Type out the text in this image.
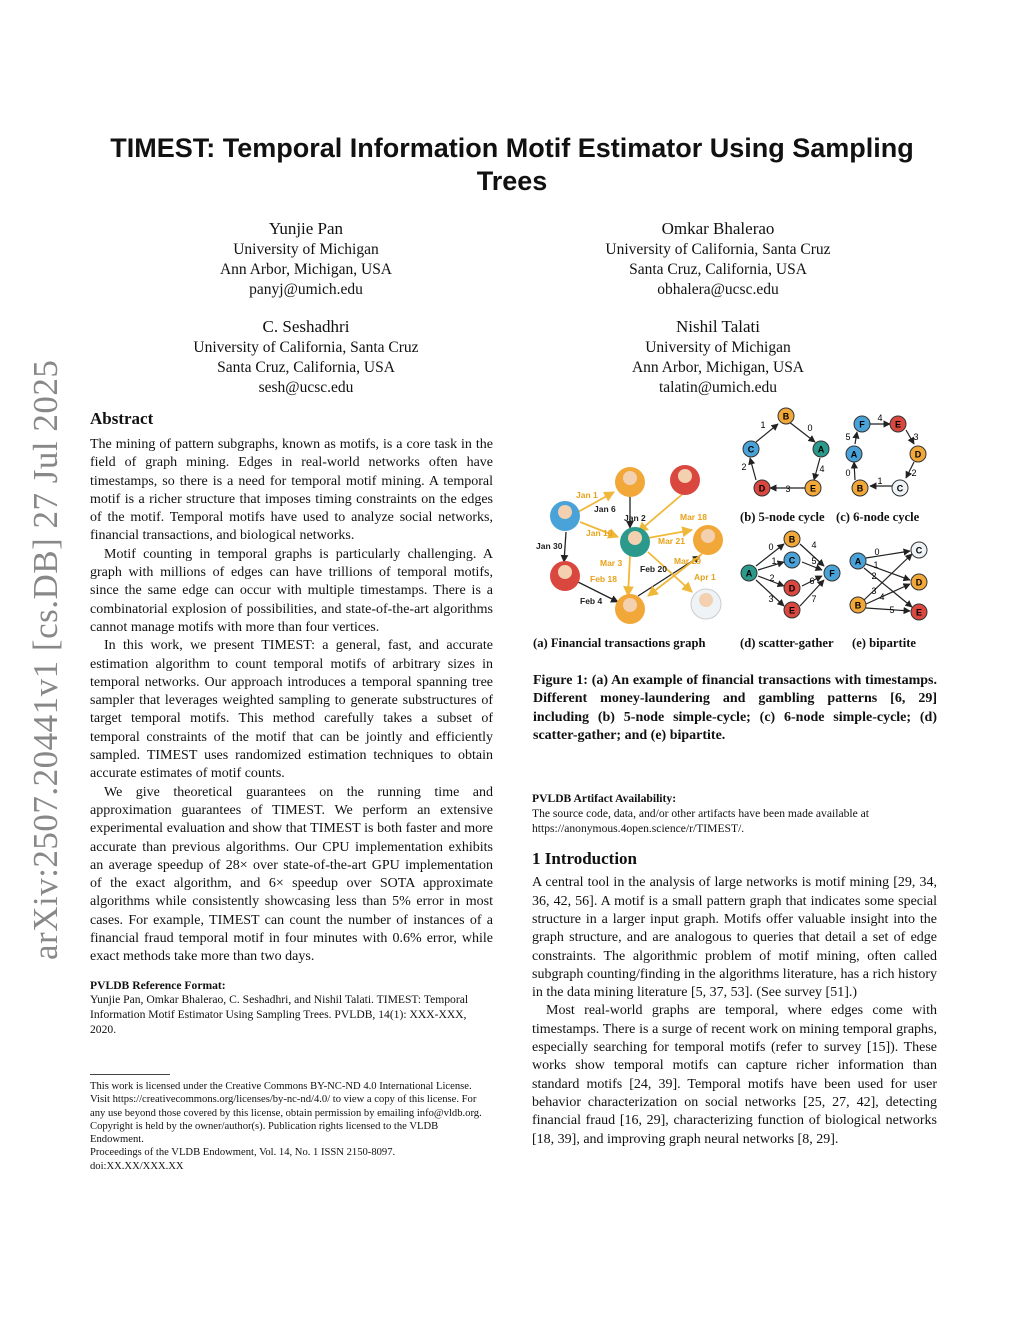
TIMEST: Temporal Information Motif Estimator Using Sampling
Trees
Yunjie Pan
University of Michigan
Ann Arbor, Michigan, USA
panyj@umich.edu
Omkar Bhalerao
University of California, Santa Cruz
Santa Cruz, California, USA
obhalera@ucsc.edu
C. Seshadhri
University of California, Santa Cruz
Santa Cruz, California, USA
sesh@ucsc.edu
Nishil Talati
University of Michigan
Ann Arbor, Michigan, USA
talatin@umich.edu
arXiv:2507.20441v1 [cs.DB] 27 Jul 2025	Abstract

The mining of pattern subgraphs, known as motifs, is a core task in the field of graph mining. Edges in real-world networks often have timestamps, so there is a need for temporal motif mining. A temporal motif is a richer structure that imposes timing constraints on the edges of the motif. Temporal motifs have used to analyze social networks, financial transactions, and biological networks.

Motif counting in temporal graphs is particularly challenging. A graph with millions of edges can have trillions of temporal motifs, since the same edge can occur with multiple timestamps. There is a combinatorial explosion of possibilities, and state-of-the-art algorithms cannot manage motifs with more than four vertices.

In this work, we present TIMEST: a general, fast, and accurate estimation algorithm to count temporal motifs of arbitrary sizes in temporal networks. Our approach introduces a temporal spanning tree sampler that leverages weighted sampling to generate substructures of target temporal motifs. This method carefully takes a subset of temporal constraints of the motif that can be jointly and efficiently sampled. TIMEST uses randomized estimation techniques to obtain accurate estimates of motif counts.

We give theoretical guarantees on the running time and approximation guarantees of TIMEST. We perform an extensive experimental evaluation and show that TIMEST is both faster and more accurate than previous algorithms. Our CPU implementation exhibits an average speedup of 28× over state-of-the-art GPU implementation of the exact algorithm, and 6× speedup over SOTA approximate algorithms while consistently showcasing less than 5% error in most cases. For example, TIMEST can count the number of instances of a financial fraud temporal motif in four minutes with 0.6% error, while exact methods take more than two days.

PVLDB Reference Format:
Yunjie Pan, Omkar Bhalerao, C. Seshadhri, and Nishil Talati. TIMEST: Temporal Information Motif Estimator Using Sampling Trees. PVLDB, 14(1): XXX-XXX, 2020.
This work is licensed under the Creative Commons BY-NC-ND 4.0 International License. Visit https://creativecommons.org/licenses/by-nc-nd/4.0/ to view a copy of this license. For any use beyond those covered by this license, obtain permission by emailing info@vldb.org. Copyright is held by the owner/author(s). Publication rights licensed to the VLDB Endowment.
Proceedings of the VLDB Endowment, Vol. 14, No. 1 ISSN 2150-8097.
doi:XX.XX/XXX.XX
Jan 1
Jan 6
Jan 2	Mar 18
Jan 10
Mar 21
Jan 30
Mar 3
Feb 20
Mar 29
Feb 18	Apr 1
Feb 4
B
A
E
D
C
0
4
3
2
1	F	E
D
C
B
A
4
3
2
1
0
5
A
B
C
D
E
F
0
1
2
3
4
5
6
7
A
B
C
D
E
0
1
2
3
4
5
(b) 5-node cycle (c) 6-node cycle
(a) Financial transactions graph	(d) scatter-gather (e) bipartite
Figure 1: (a) An example of financial transactions with timestamps. Different money-laundering and gambling patterns [6, 29] including (b) 5-node simple-cycle; (c) 6-node simple-cycle; (d) scatter-gather; and (e) bipartite.
PVLDB Artifact Availability:
The source code, data, and/or other artifacts have been made available at https://anonymous.4open.science/r/TIMEST/.
1 Introduction

A central tool in the analysis of large networks is motif mining [29, 34, 36, 42, 56]. A motif is a small pattern graph that indicates some special structure in a larger input graph. Motifs offer valuable insight into the graph structure, and are analogous to queries that detail a set of edge constraints. The algorithmic problem of motif mining, often called subgraph counting/finding in the algorithms literature, has a rich history in the data mining literature [5, 37, 53]. (See survey [51].)

Most real-world graphs are temporal, where edges come with timestamps. There is a surge of recent work on mining temporal graphs, especially searching for temporal motifs (refer to survey [15]). These works show temporal motifs can capture richer information than standard motifs [24, 39]. Temporal motifs have been used for user behavior characterization on social networks [25, 27, 42], detecting financial fraud [16, 29], characterizing function of biological networks [18, 39], and improving graph neural networks [8, 29].
